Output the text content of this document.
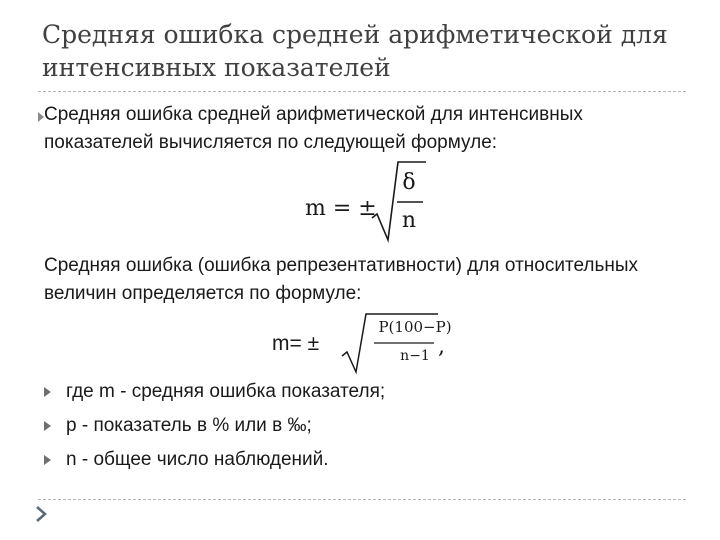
Средняя ошибка средней арифметической для интенсивных показателей

Средняя ошибка средней арифметической для интенсивных показателей вычисляется по следующей формуле:

m = ±
δ
n

Средняя ошибка (ошибка репрезентативности) для относительных величин определяется по формуле:

m= ±
P(100−P)
n−1 ,
где m - средняя ошибка показателя;
p - показатель в % или в ‰;
n - общее число наблюдений.
